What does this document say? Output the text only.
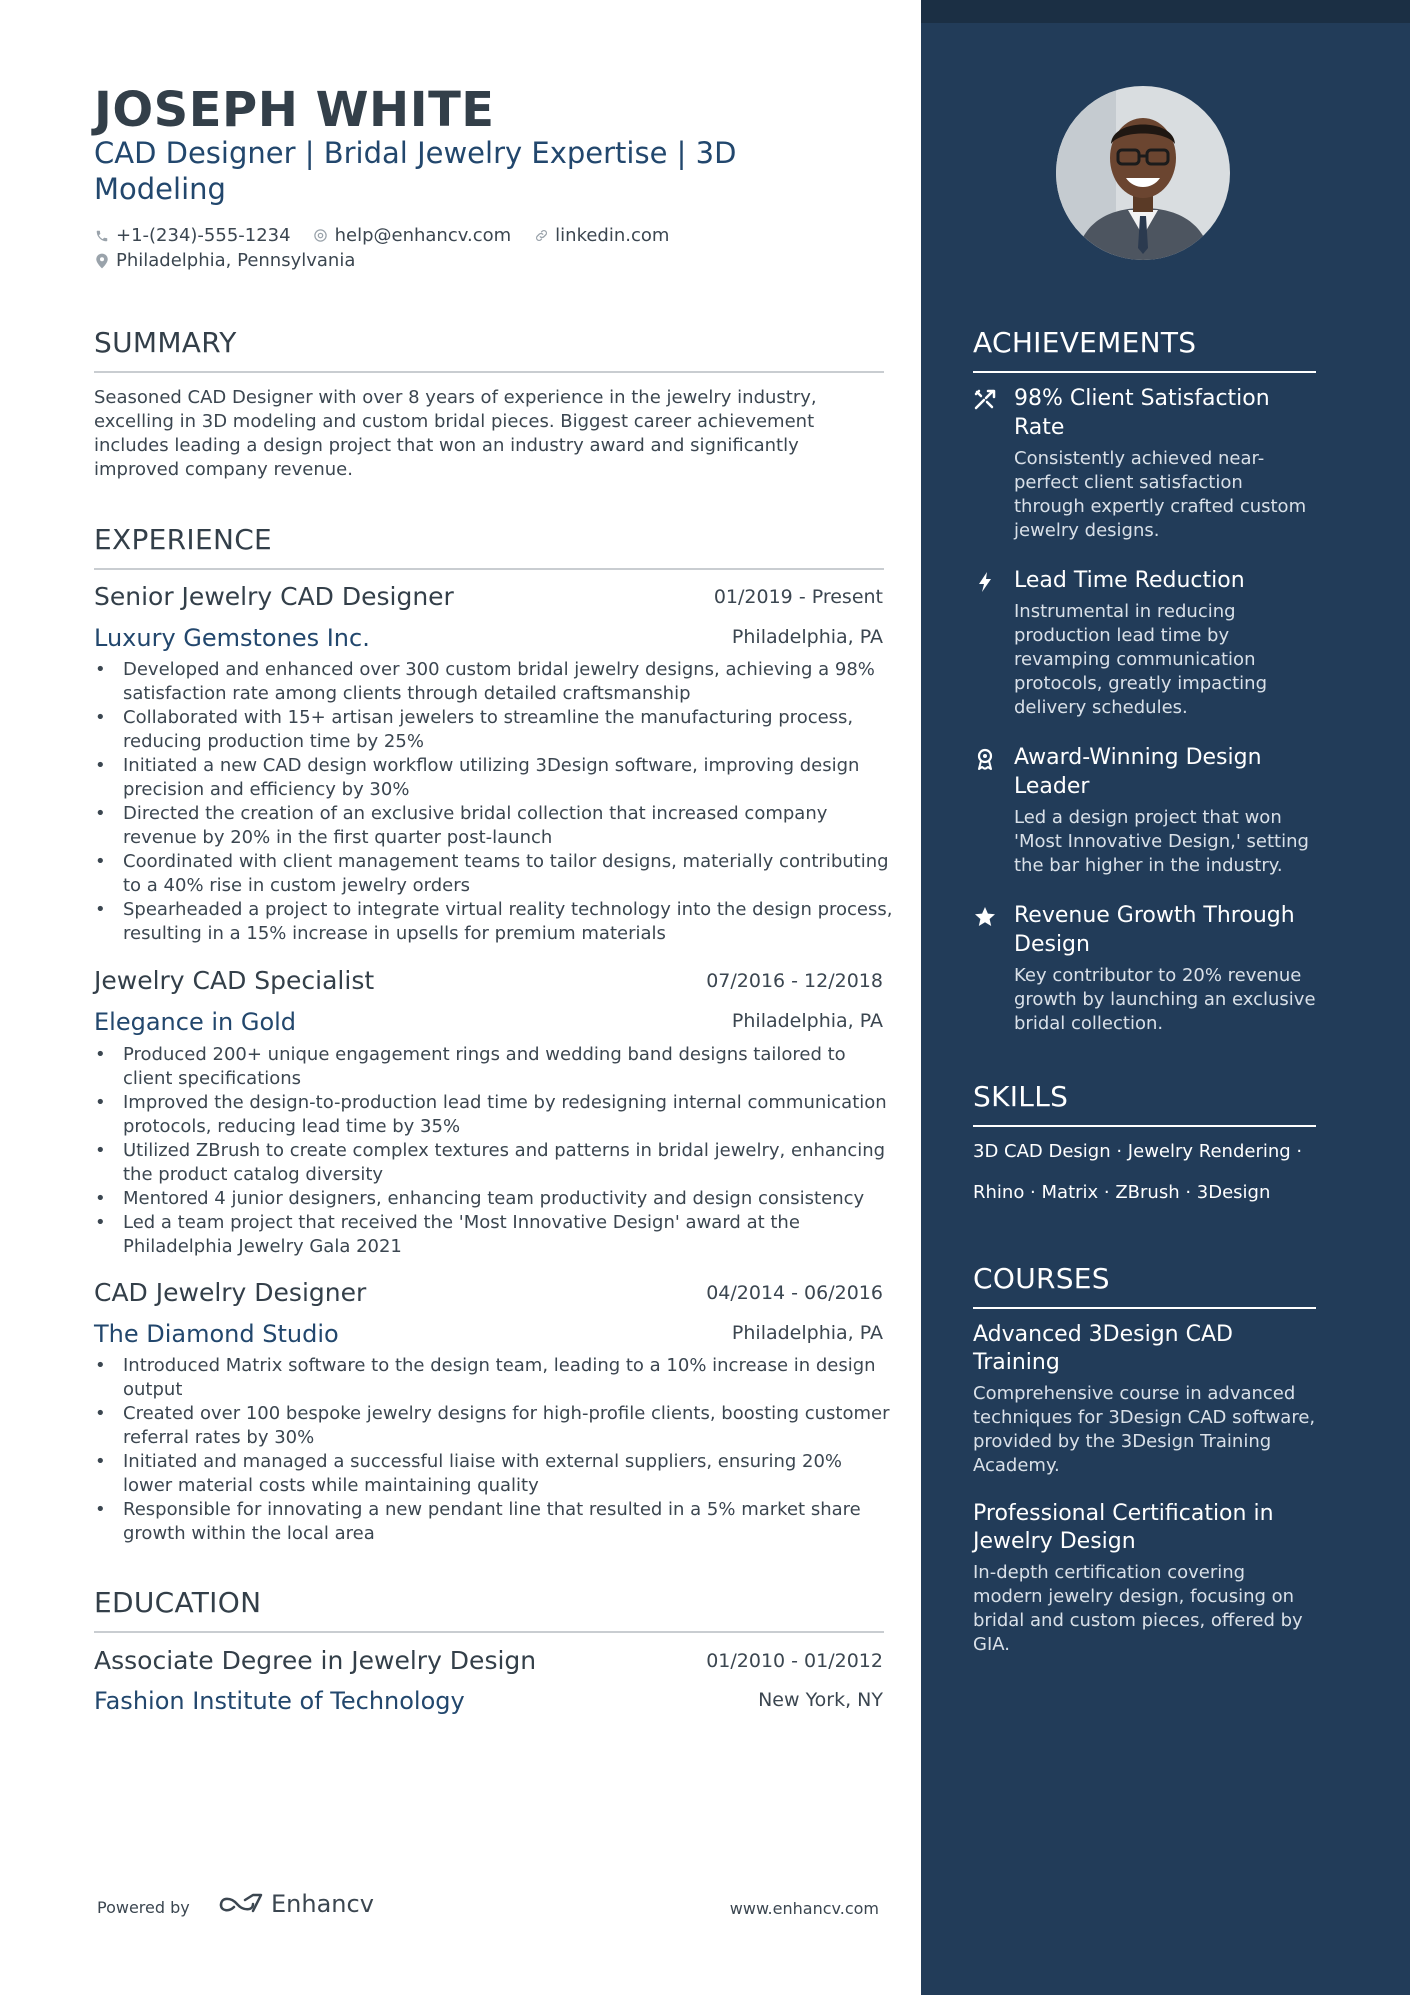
JOSEPH WHITE
CAD Designer | Bridal Jewelry Expertise | 3D Modeling
+1-(234)-555-1234 help@enhancv.com linkedin.com
Philadelphia, Pennsylvania
SUMMARY
Seasoned CAD Designer with over 8 years of experience in the jewelry industry, excelling in 3D modeling and custom bridal pieces. Biggest career achievement includes leading a design project that won an industry award and significantly improved company revenue.
EXPERIENCE
Senior Jewelry CAD Designer	01/2019 - Present
Luxury Gemstones Inc.	Philadelphia, PA
• Developed and enhanced over 300 custom bridal jewelry designs, achieving a 98% satisfaction rate among clients through detailed craftsmanship
• Collaborated with 15+ artisan jewelers to streamline the manufacturing process, reducing production time by 25%
• Initiated a new CAD design workflow utilizing 3Design software, improving design precision and efficiency by 30%
• Directed the creation of an exclusive bridal collection that increased company revenue by 20% in the first quarter post-launch
• Coordinated with client management teams to tailor designs, materially contributing to a 40% rise in custom jewelry orders
• Spearheaded a project to integrate virtual reality technology into the design process, resulting in a 15% increase in upsells for premium materials
Jewelry CAD Specialist	07/2016 - 12/2018
Elegance in Gold	Philadelphia, PA
• Produced 200+ unique engagement rings and wedding band designs tailored to client specifications
• Improved the design-to-production lead time by redesigning internal communication protocols, reducing lead time by 35%
• Utilized ZBrush to create complex textures and patterns in bridal jewelry, enhancing the product catalog diversity
• Mentored 4 junior designers, enhancing team productivity and design consistency
• Led a team project that received the 'Most Innovative Design' award at the Philadelphia Jewelry Gala 2021
CAD Jewelry Designer	04/2014 - 06/2016
The Diamond Studio	Philadelphia, PA
• Introduced Matrix software to the design team, leading to a 10% increase in design output
• Created over 100 bespoke jewelry designs for high-profile clients, boosting customer referral rates by 30%
• Initiated and managed a successful liaise with external suppliers, ensuring 20% lower material costs while maintaining quality
• Responsible for innovating a new pendant line that resulted in a 5% market share growth within the local area
EDUCATION
Associate Degree in Jewelry Design	01/2010 - 01/2012
Fashion Institute of Technology	New York, NY
Powered by	Enhancv	www.enhancv.com
ACHIEVEMENTS
98% Client Satisfaction Rate
Consistently achieved near-perfect client satisfaction through expertly crafted custom jewelry designs.
Lead Time Reduction
Instrumental in reducing production lead time by revamping communication protocols, greatly impacting delivery schedules.
Award-Winning Design Leader
Led a design project that won 'Most Innovative Design,' setting the bar higher in the industry.
Revenue Growth Through Design
Key contributor to 20% revenue growth by launching an exclusive bridal collection.
SKILLS
3D CAD Design · Jewelry Rendering ·
Rhino · Matrix · ZBrush · 3Design
COURSES
Advanced 3Design CAD Training
Comprehensive course in advanced techniques for 3Design CAD software, provided by the 3Design Training Academy.
Professional Certification in Jewelry Design
In-depth certification covering modern jewelry design, focusing on bridal and custom pieces, offered by GIA.
